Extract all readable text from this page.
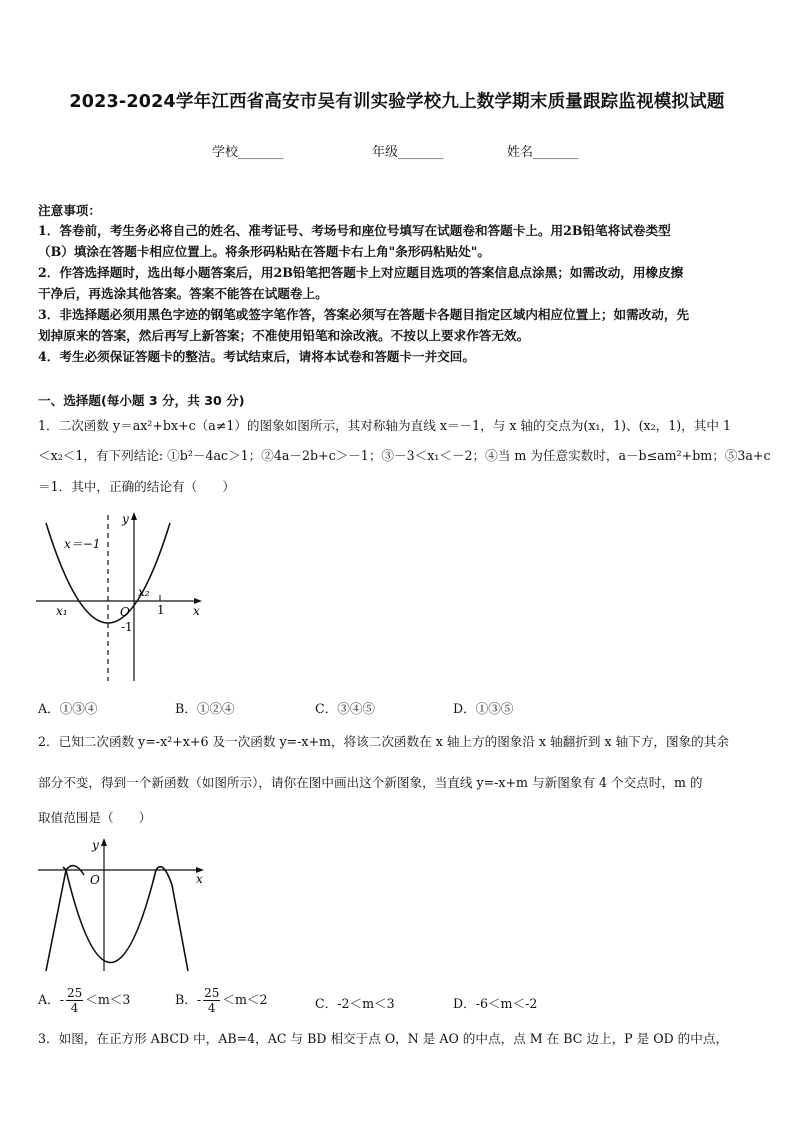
2023-2024学年江西省高安市吴有训实验学校九上数学期末质量跟踪监视模拟试题
学校_______	年级_______	姓名_______
注意事项：
1．答卷前，考生务必将自己的姓名、准考证号、考场号和座位号填写在试题卷和答题卡上。用2B铅笔将试卷类型
（B）填涂在答题卡相应位置上。将条形码粘贴在答题卡右上角"条形码粘贴处"。
2．作答选择题时，选出每小题答案后，用2B铅笔把答题卡上对应题目选项的答案信息点涂黑；如需改动，用橡皮擦
干净后，再选涂其他答案。答案不能答在试题卷上。
3．非选择题必须用黑色字迹的钢笔或签字笔作答，答案必须写在答题卡各题目指定区域内相应位置上；如需改动，先
划掉原来的答案，然后再写上新答案；不准使用铅笔和涂改液。不按以上要求作答无效。
4．考生必须保证答题卡的整洁。考试结束后，请将本试卷和答题卡一并交回。
一、选择题(每小题 3 分，共 30 分)
1．二次函数 y＝ax²+bx+c（a≠1）的图象如图所示，其对称轴为直线 x＝－1，与 x 轴的交点为(x₁，1)、(x₂，1)，其中 1
＜x₂＜1，有下列结论: ①b²－4ac＞1；②4a－2b+c＞－1；③－3＜x₁＜－2；④当 m 为任意实数时，a－b≤am²+bm；⑤3a+c
＝1．其中，正确的结论有（　　）
x＝−1
y
x
O
x₁
x₂
1
-1
A．①③④	B．①②④	C．③④⑤	D．①③⑤
2．已知二次函数 y=-x²+x+6 及一次函数 y=-x+m，将该二次函数在 x 轴上方的图象沿 x 轴翻折到 x 轴下方，图象的其余
部分不变，得到一个新函数（如图所示），请你在图中画出这个新图象，当直线 y=-x+m 与新图象有 4 个交点时，m 的
取值范围是（　　）
y
x
O
A．- $\frac{25}{4} <m<3$	B．- $\frac{25}{4} <m<2$	C．-2＜m＜3	D．-6＜m＜-2
3．如图，在正方形 ABCD 中，AB=4，AC 与 BD 相交于点 O，N 是 AO 的中点，点 M 在 BC 边上，P 是 OD 的中点，
